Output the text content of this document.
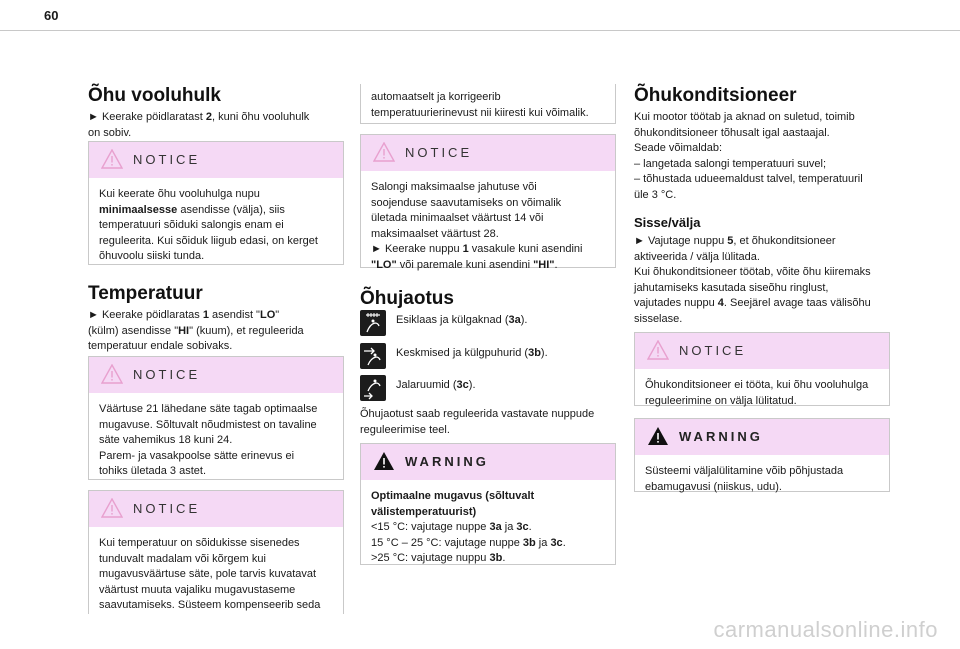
60
Õhu vooluhulk
► Keerake pöidlaratast 2, kuni õhu vooluhulk
on sobiv.
NOTICE
Kui keerate õhu vooluhulga nupu
minimaalsesse asendisse (välja), siis
temperatuuri sõiduki salongis enam ei
reguleerita. Kui sõiduk liigub edasi, on kerget
õhuvoolu siiski tunda.
Temperatuur
► Keerake pöidlaratas 1 asendist "LO"
(külm) asendisse "HI" (kuum), et reguleerida
temperatuur endale sobivaks.
NOTICE
Väärtuse 21 lähedane säte tagab optimaalse
mugavuse. Sõltuvalt nõudmistest on tavaline
säte vahemikus 18 kuni 24.
Parem- ja vasakpoolse sätte erinevus ei
tohiks ületada 3 astet.
NOTICE
Kui temperatuur on sõidukisse sisenedes
tunduvalt madalam või kõrgem kui
mugavusväärtuse säte, pole tarvis kuvatavat
väärtust muuta vajaliku mugavustaseme
saavutamiseks. Süsteem kompenseerib seda
automaatselt ja korrigeerib
temperatuurierinevust nii kiiresti kui võimalik.
NOTICE
Salongi maksimaalse jahutuse või
soojenduse saavutamiseks on võimalik
ületada minimaalset väärtust 14 või
maksimaalset väärtust 28.
► Keerake nuppu 1 vasakule kuni asendini
"LO" või paremale kuni asendini "HI".
Õhujaotus
Esiklaas ja külgaknad (3a).
Keskmised ja külgpuhurid (3b).
Jalaruumid (3c).
Õhujaotust saab reguleerida vastavate nuppude
reguleerimise teel.
WARNING
Optimaalne mugavus (sõltuvalt
välistemperatuurist)
<15 °C: vajutage nuppe 3a ja 3c.
15 °C – 25 °C: vajutage nuppe 3b ja 3c.
>25 °C: vajutage nuppu 3b.
Õhukonditsioneer
Kui mootor töötab ja aknad on suletud, toimib
õhukonditsioneer tõhusalt igal aastaajal.
Seade võimaldab:
– langetada salongi temperatuuri suvel;
– tõhustada udueemaldust talvel, temperatuuril
üle 3 °C.
Sisse/välja
► Vajutage nuppu 5, et õhukonditsioneer
aktiveerida / välja lülitada.
Kui õhukonditsioneer töötab, võite õhu kiiremaks
jahutamiseks kasutada siseõhu ringlust,
vajutades nuppu 4. Seejärel avage taas välisõhu
sisselase.
NOTICE
Õhukonditsioneer ei tööta, kui õhu vooluhulga
reguleerimine on välja lülitatud.
WARNING
Süsteemi väljalülitamine võib põhjustada
ebamugavusi (niiskus, udu).
carmanualsonline.info
